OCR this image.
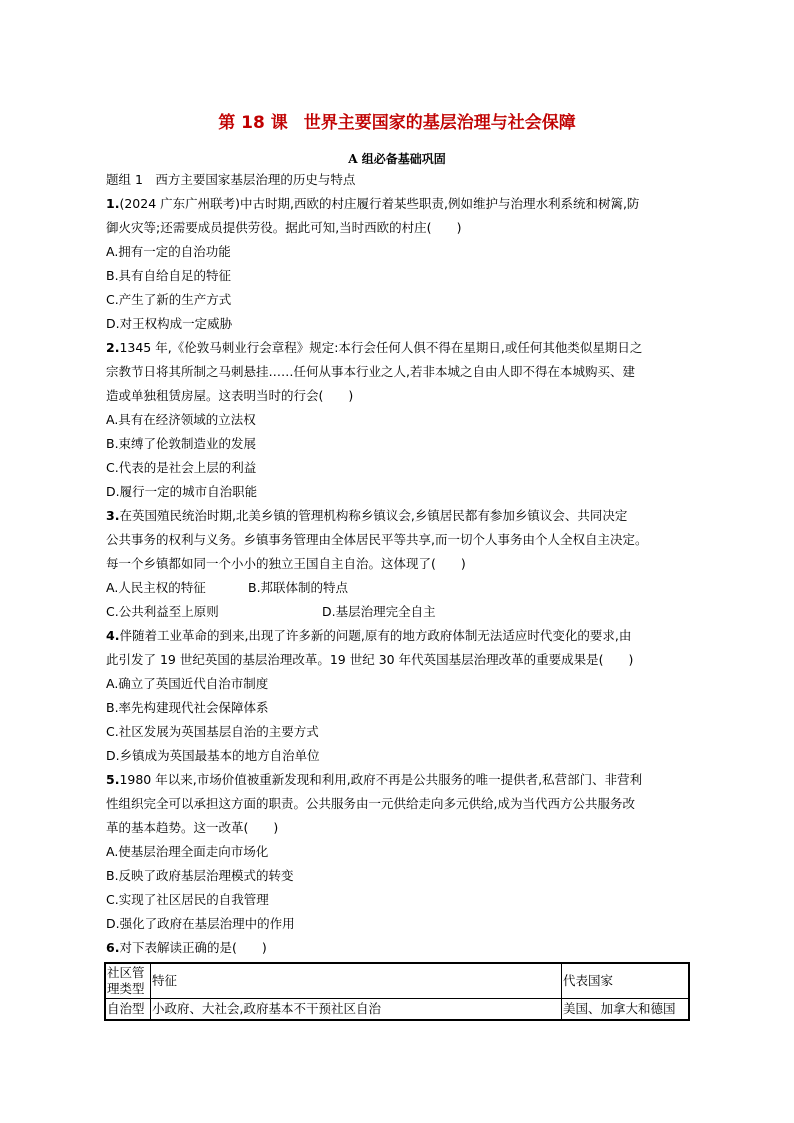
第 18 课 世界主要国家的基层治理与社会保障
A 组必备基础巩固
题组 1　西方主要国家基层治理的历史与特点
1.(2024 广东广州联考)中古时期,西欧的村庄履行着某些职责,例如维护与治理水利系统和树篱,防
御火灾等;还需要成员提供劳役。据此可知,当时西欧的村庄(　　)
A.拥有一定的自治功能
B.具有自给自足的特征
C.产生了新的生产方式
D.对王权构成一定威胁
2.1345 年,《伦敦马刺业行会章程》规定:本行会任何人俱不得在星期日,或任何其他类似星期日之
宗教节日将其所制之马刺悬挂……任何从事本行业之人,若非本城之自由人即不得在本城购买、建
造或单独租赁房屋。这表明当时的行会(　　)
A.具有在经济领域的立法权
B.束缚了伦敦制造业的发展
C.代表的是社会上层的利益
D.履行一定的城市自治职能
3.在英国殖民统治时期,北美乡镇的管理机构称乡镇议会,乡镇居民都有参加乡镇议会、共同决定
公共事务的权利与义务。乡镇事务管理由全体居民平等共享,而一切个人事务由个人全权自主决定。
每一个乡镇都如同一个小小的独立王国自主自治。这体现了(　　)
A.人民主权的特征	B.邦联体制的特点
C.公共利益至上原则	D.基层治理完全自主
4.伴随着工业革命的到来,出现了许多新的问题,原有的地方政府体制无法适应时代变化的要求,由
此引发了 19 世纪英国的基层治理改革。19 世纪 30 年代英国基层治理改革的重要成果是(　　)
A.确立了英国近代自治市制度
B.率先构建现代社会保障体系
C.社区发展为英国基层自治的主要方式
D.乡镇成为英国最基本的地方自治单位
5.1980 年以来,市场价值被重新发现和利用,政府不再是公共服务的唯一提供者,私营部门、非营利
性组织完全可以承担这方面的职责。公共服务由一元供给走向多元供给,成为当代西方公共服务改
革的基本趋势。这一改革(　　)
A.使基层治理全面走向市场化
B.反映了政府基层治理模式的转变
C.实现了社区居民的自我管理
D.强化了政府在基层治理中的作用
6.对下表解读正确的是(　　)
社区管理类型	特征	代表国家
自治型	小政府、大社会,政府基本不干预社区自治	美国、加拿大和德国
